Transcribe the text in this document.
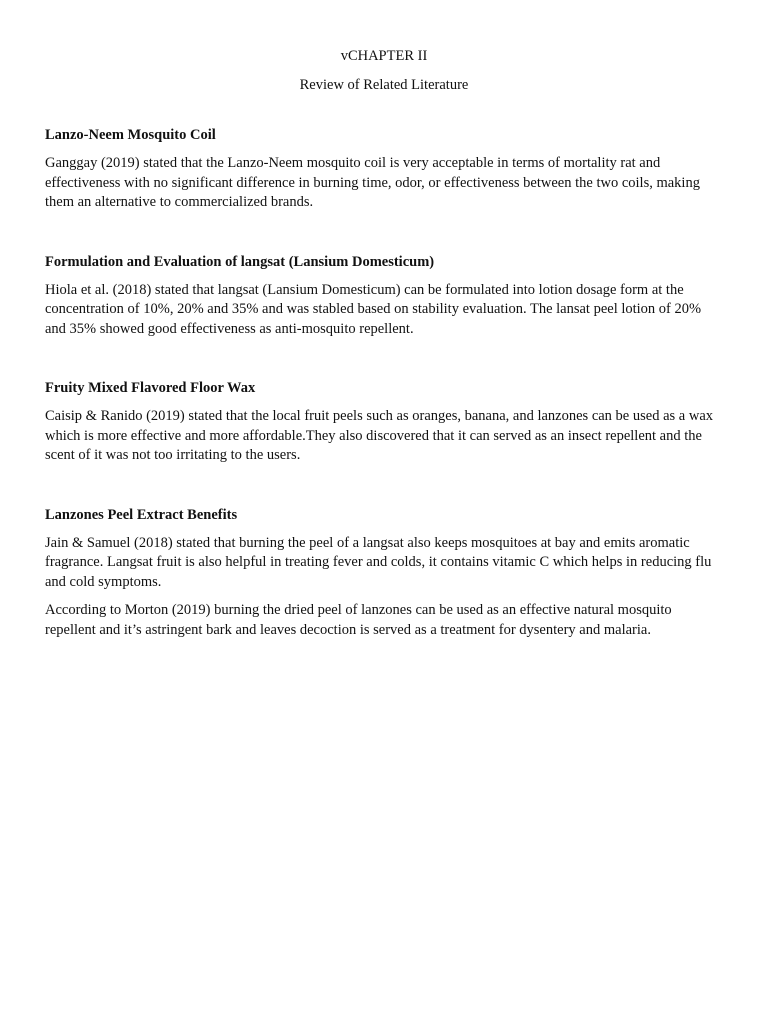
vCHAPTER II

Review of Related Literature

Lanzo-Neem Mosquito Coil

Ganggay (2019) stated that the Lanzo-Neem mosquito coil is very acceptable in terms of mortality rat and effectiveness with no significant difference in burning time, odor, or effectiveness between the two coils, making them an alternative to commercialized brands.

Formulation and Evaluation of langsat (Lansium Domesticum)

Hiola et al. (2018) stated that langsat (Lansium Domesticum) can be formulated into lotion dosage form at the concentration of 10%, 20% and 35% and was stabled based on stability evaluation. The lansat peel lotion of 20% and 35% showed good effectiveness as anti-mosquito repellent.

Fruity Mixed Flavored Floor Wax

Caisip & Ranido (2019) stated that the local fruit peels such as oranges, banana, and lanzones can be used as a wax which is more effective and more affordable.They also discovered that it can served as an insect repellent and the scent of it was not too irritating to the users.

Lanzones Peel Extract Benefits

Jain & Samuel (2018) stated that burning the peel of a langsat also keeps mosquitoes at bay and emits aromatic fragrance. Langsat fruit is also helpful in treating fever and colds, it contains vitamic C which helps in reducing flu and cold symptoms.

According to Morton (2019) burning the dried peel of lanzones can be used as an effective natural mosquito repellent and it’s astringent bark and leaves decoction is served as a treatment for dysentery and malaria.
